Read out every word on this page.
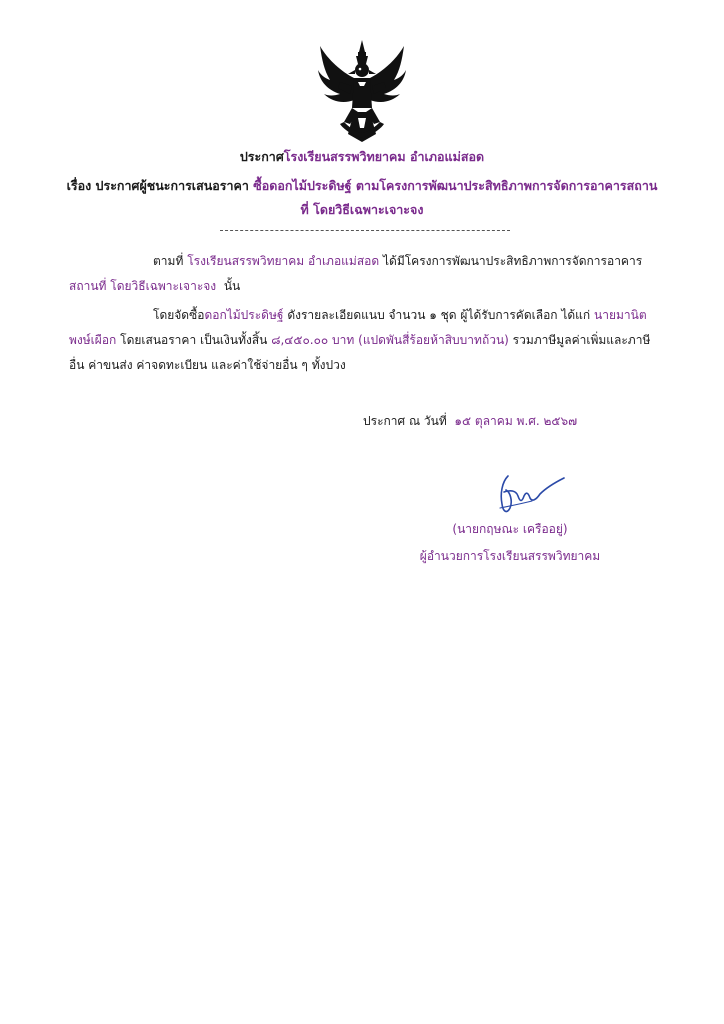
ประกาศโรงเรียนสรรพวิทยาคม อำเภอแม่สอด
เรื่อง ประกาศผู้ชนะการเสนอราคา ซื้อดอกไม้ประดิษฐ์ ตามโครงการพัฒนาประสิทธิภาพการจัดการอาคารสถาน
ที่ โดยวิธีเฉพาะเจาะจง
ตามที่ โรงเรียนสรรพวิทยาคม อำเภอแม่สอด ได้มีโครงการพัฒนาประสิทธิภาพการจัดการอาคาร
สถานที่ โดยวิธีเฉพาะเจาะจง นั้น
โดยจัดซื้อดอกไม้ประดิษฐ์ ดังรายละเอียดแนบ จำนวน ๑ ชุด ผู้ได้รับการคัดเลือก ได้แก่ นายมานิต
พงษ์เผือก โดยเสนอราคา เป็นเงินทั้งสิ้น ๘,๔๕๐.๐๐ บาท (แปดพันสี่ร้อยห้าสิบบาทถ้วน) รวมภาษีมูลค่าเพิ่มและภาษี
อื่น ค่าขนส่ง ค่าจดทะเบียน และค่าใช้จ่ายอื่น ๆ ทั้งปวง
ประกาศ ณ วันที่ ๑๕ ตุลาคม พ.ศ. ๒๕๖๗
(นายกฤษณะ เครืออยู่)
ผู้อำนวยการโรงเรียนสรรพวิทยาคม
